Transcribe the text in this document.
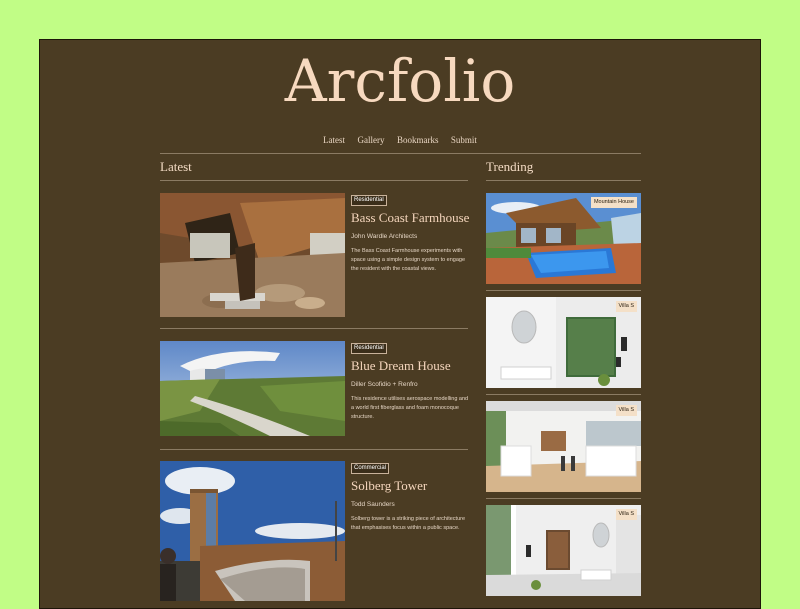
Arcfolio
Latest Gallery Bookmarks Submit
Latest	Trending
Residential
Bass Coast Farmhouse
John Wardle Architects
The Bass Coast Farmhouse experiments with space using a simple design system to engage the resident with the coastal views.
Residential
Blue Dream House
Diller Scofidio + Renfro
This residence utilises aerospace modelling and a world first fiberglass and foam monocoque structure.
Commercial
Solberg Tower
Todd Saunders
Solberg tower is a striking piece of architecture that emphasises focus within a public space.
Mountain House
Villa S
Villa S
Villa S
